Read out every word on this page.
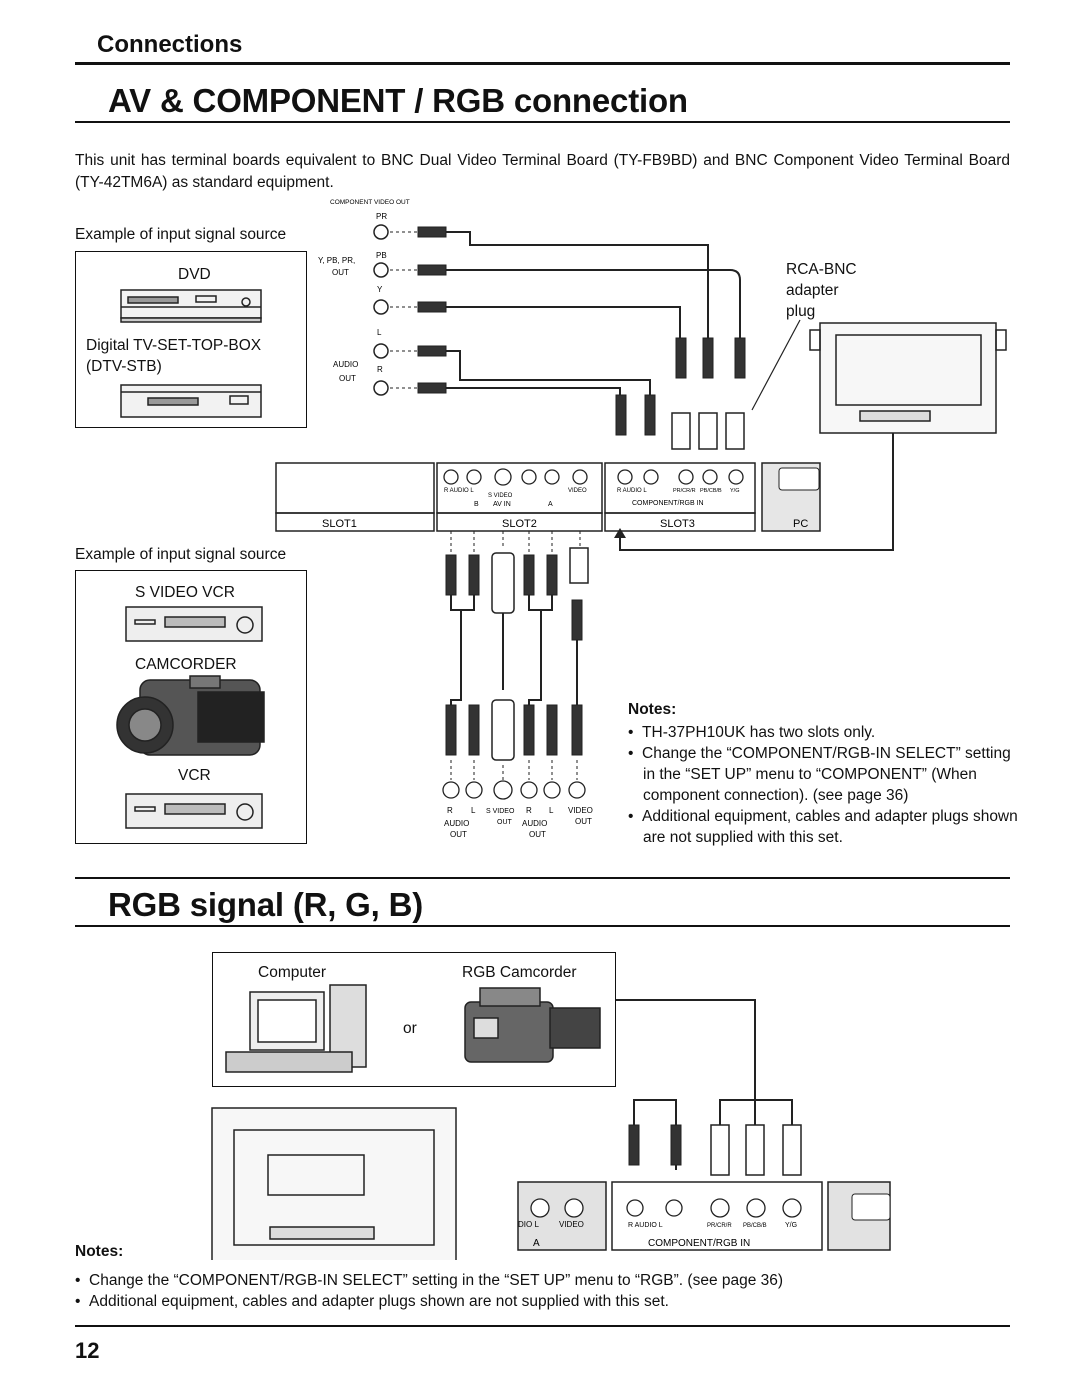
Connections
AV & COMPONENT / RGB connection
This unit has terminal boards equivalent to BNC Dual Video Terminal Board (TY-FB9BD) and BNC Component Video Terminal Board (TY-42TM6A) as standard equipment.
Example of input signal source
DVD
Digital TV-SET-TOP-BOX
(DTV-STB)
Example of input signal source
S VIDEO VCR
CAMCORDER
VCR
RCA-BNC
adapter
plug
COMPONENT VIDEO OUT
PR
PB
Y, PB, PR,
OUT
Y
L
AUDIO
OUT
R
SLOT1	SLOT2	SLOT3	PC
R AUDIO L
S VIDEO
VIDEO
B AV IN	A
R AUDIO L	PR/CR/R PB/CB/B Y/G
COMPONENT/RGB IN
R L S VIDEO R L VIDEO
AUDIO
OUT
OUT AUDIO
OUT
OUT
Notes:
•  TH-37PH10UK has two slots only.
•  Change the “COMPONENT/RGB-IN SELECT” setting in the “SET UP” menu to “COMPONENT” (When component connection). (see page 36)
•  Additional equipment, cables and adapter plugs shown are not supplied with this set.
RGB signal (R, G, B)
Computer	RGB Camcorder
or
DIO L	VIDEO
A
R AUDIO L	PR/CR/R PB/CB/B	Y/G
COMPONENT/RGB IN
Notes:
•  Change the “COMPONENT/RGB-IN SELECT” setting in the “SET UP” menu to “RGB”. (see page 36)
•  Additional equipment, cables and adapter plugs shown are not supplied with this set.
12
